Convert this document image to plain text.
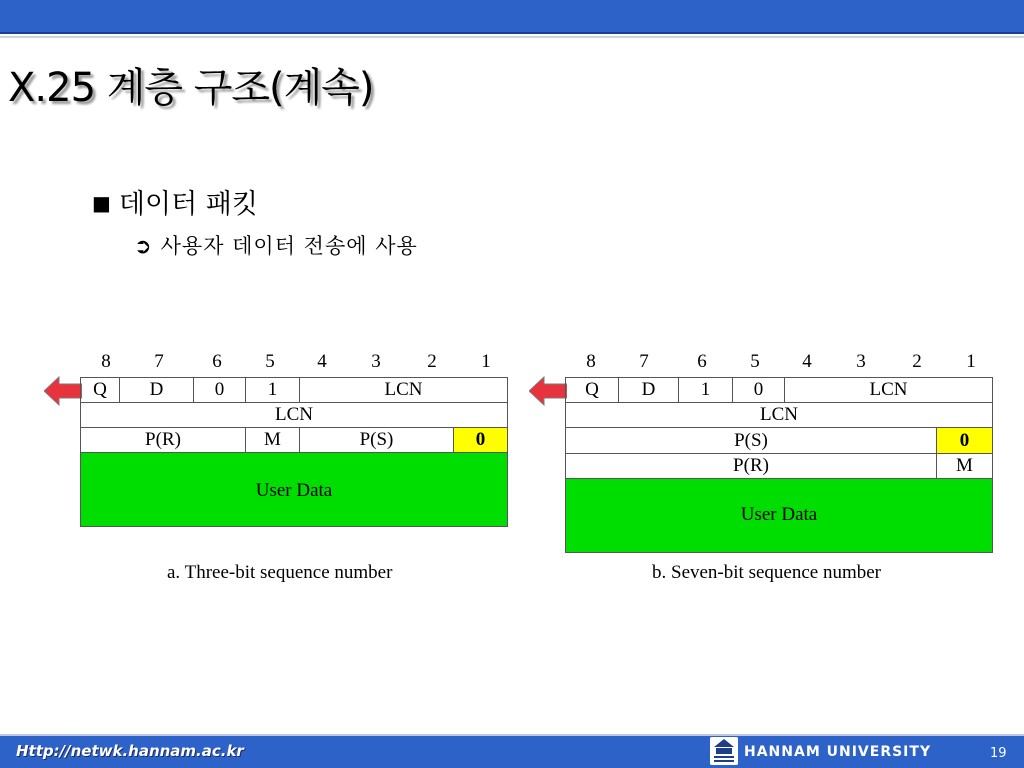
X.25 계층 구조(계속)
■ 데이터 패킷
➲ 사용자 데이터 전송에 사용
8 7	6 5 4 3 2 1
Q	D	0	1	LCN
LCN
P(R)	M	P(S)	0
User Data
a. Three-bit sequence number
8 7	6 5 4 3 2 1
Q	D	1	0	LCN
LCN
P(S)	0
P(R)	M
User Data
b. Seven-bit sequence number
Http://netwk.hannam.ac.kr	HANNAM UNIVERSITY	19
